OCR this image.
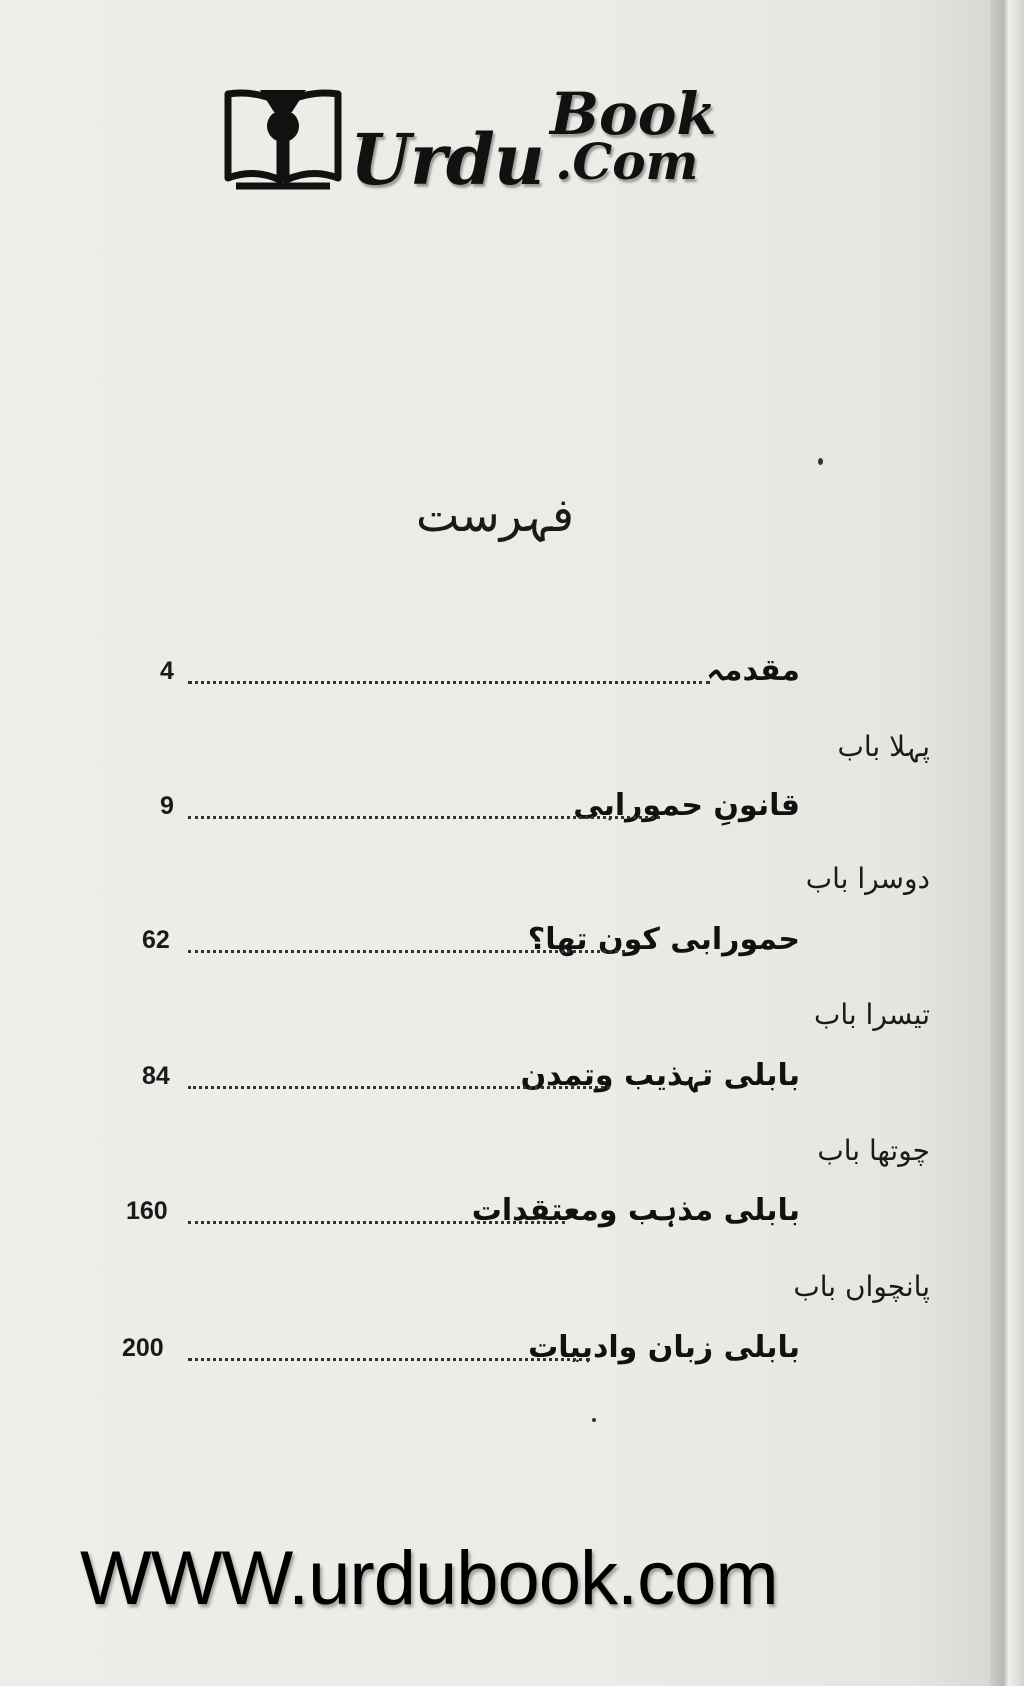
Urdu
Book
.Com
فہرست
مقدمہ
4
پہلا باب
قانونِ حمورابی
9
دوسرا باب
حمورابی کون تھا؟
62
تیسرا باب
بابلی تہذیب وتمدن
84
چوتھا باب
بابلی مذہب ومعتقدات
160
پانچواں باب
بابلی زبان وادبیات
200
WWW.urdubook.com
